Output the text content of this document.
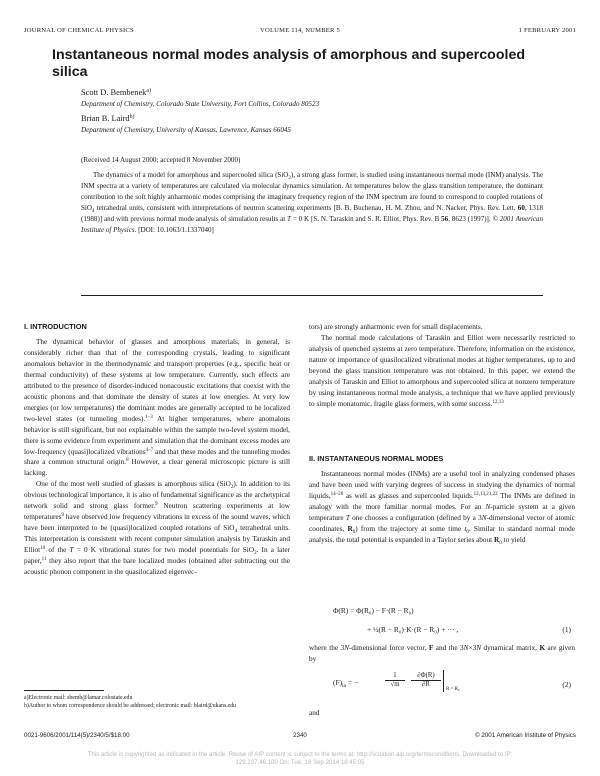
JOURNAL OF CHEMICAL PHYSICS	VOLUME 114, NUMBER 5	1 FEBRUARY 2001
Instantaneous normal modes analysis of amorphous and supercooled
silica
Scott D. Bembenek$^{a)}$
Department of Chemistry, Colorado State University, Fort Collins, Colorado 80523
Brian B. Laird$^{b)}$
Department of Chemistry, University of Kansas, Lawrence, Kansas 66045
(Received 14 August 2000; accepted 8 November 2000)

The dynamics of a model for amorphous and supercooled silica (SiO$_2$), a strong glass former, is studied using instantaneous normal mode (INM) analysis. The INM spectra at a variety of temperatures are calculated via molecular dynamics simulation. At temperatures below the glass transition temperature, the dominant contribution to the soft highly anharmonic modes comprising the imaginary frequency region of the INM spectrum are found to correspond to coupled rotations of SiO$_4$ tetrahedral units, consistent with interpretations of neutron scattering experiments [B. B. Buchenau, H. M. Zhou, and N. Nacker, Phys. Rev. Lett. 60, 1318 (1988)] and with previous normal mode analysis of simulation results at T = 0 K [S. N. Taraskin and S. R. Elliot, Phys. Rev. B 56, 8623 (1997)]. © 2001 American Institute of Physics. [DOI: 10.1063/1.1337040]

I. INTRODUCTION

The dynamical behavior of glasses and amorphous materials, in general, is considerably richer than that of the corresponding crystals, leading to significant anomalous behavior in the thermodynamic and transport properties (e.g., specific heat or thermal conductivity) of these systems at low temperature. Currently, such effects are attributed to the presence of disorder-induced nonacoustic excitations that coexist with the acoustic phonons and that dominate the density of states at low energies. At very low energies (or low temperatures) the dominant modes are generally accepted to be localized two-level states (or tunneling modes).$^{1-3}$ At higher temperatures, where anomalous behavior is still significant, but not explainable within the sample two-level system model, there is some evidence from experiment and simulation that the dominant excess modes are low-frequency (quasi)localized vibrations$^{4-7}$ and that these modes and the tunneling modes share a common structural origin.$^8$ However, a clear general microscopic picture is still lacking.

One of the most well studied of glasses is amorphous silica (SiO$_2$). In addition to its obvious technological importance, it is also of fundamental significance as the archetypical network solid and strong glass former.$^9$ Neutron scattering experiments at low temperatures$^9$ have observed low frequency vibrations in excess of the sound waves, which have been interpreted to be (quasi)localized coupled rotations of SiO$_4$ tetrahedral units. This interpretation is consistent with recent computer simulation analysis by Taraskin and Elliot$^{10}$ of the T = 0 K vibrational states for two model potentials for SiO$_2$. In a later paper,$^{11}$ they also report that the bare localized modes (obtained after subtracting out the acoustic phonon component in the quasilocalized eigenvec-

a)Electronic mail: sbemb@lamar.colostate.edu

b)Author to whom correspondence should be addressed; electronic mail: blaird@ukans.edu

tors) are strongly anharmonic even for small displacements.

The normal mode calculations of Taraskin and Elliot were necessarily restricted to analysis of quenched systems at zero temperature. Therefore, information on the existence, nature or importance of quasilocalized vibrational modes at higher temperatures, up to and beyond the glass transition temperature was not obtained. In this paper, we extend the analysis of Taraskin and Elliot to amorphous and supercooled silica at nonzero temperature by using instantaneous normal mode analysis, a technique that we have applied previously to simple monatomic, fragile glass formers, with some success.$^{12,13}$

II. INSTANTANEOUS NORMAL MODES

Instantaneous normal modes (INMs) are a useful tool in analyzing condensed phases and have been used with varying degrees of success in studying the dynamics of normal liquids,$^{14-20}$ as well as glasses and supercooled liquids.$^{12,13,21,22}$ The INMs are defined in analogy with the more familiar normal modes. For an N-particle system at a given temperature T one chooses a configuration (defined by a 3N-dimensional vector of atomic coordinates, $R_0$) from the trajectory at some time $t_0$. Similar to standard normal mode analysis, the total potential is expanded in a Taylor series about $R_0$ to yield

Φ(R) = Φ(R₀) − F·(R − R₀)
+ ½(R − R₀)·K·(R − R₀) + ··· ,	(1)

where the 3N-dimensional force vector, F and the 3N×3N dynamical matrix, K are given by

$(F)_{i\alpha}$ = −
1
√m
∂Φ(R)
∂R
R = R₀
(2)

and

0021-9606/2001/114(5)/2340/5/$18.00	2340	© 2001 American Institute of Physics
This article is copyrighted as indicated in the article. Reuse of AIP content is subject to the terms at: http://scitation.aip.org/termsconditions. Downloaded to IP:
129.237.46.100 On: Tue, 16 Sep 2014 18:45:05
